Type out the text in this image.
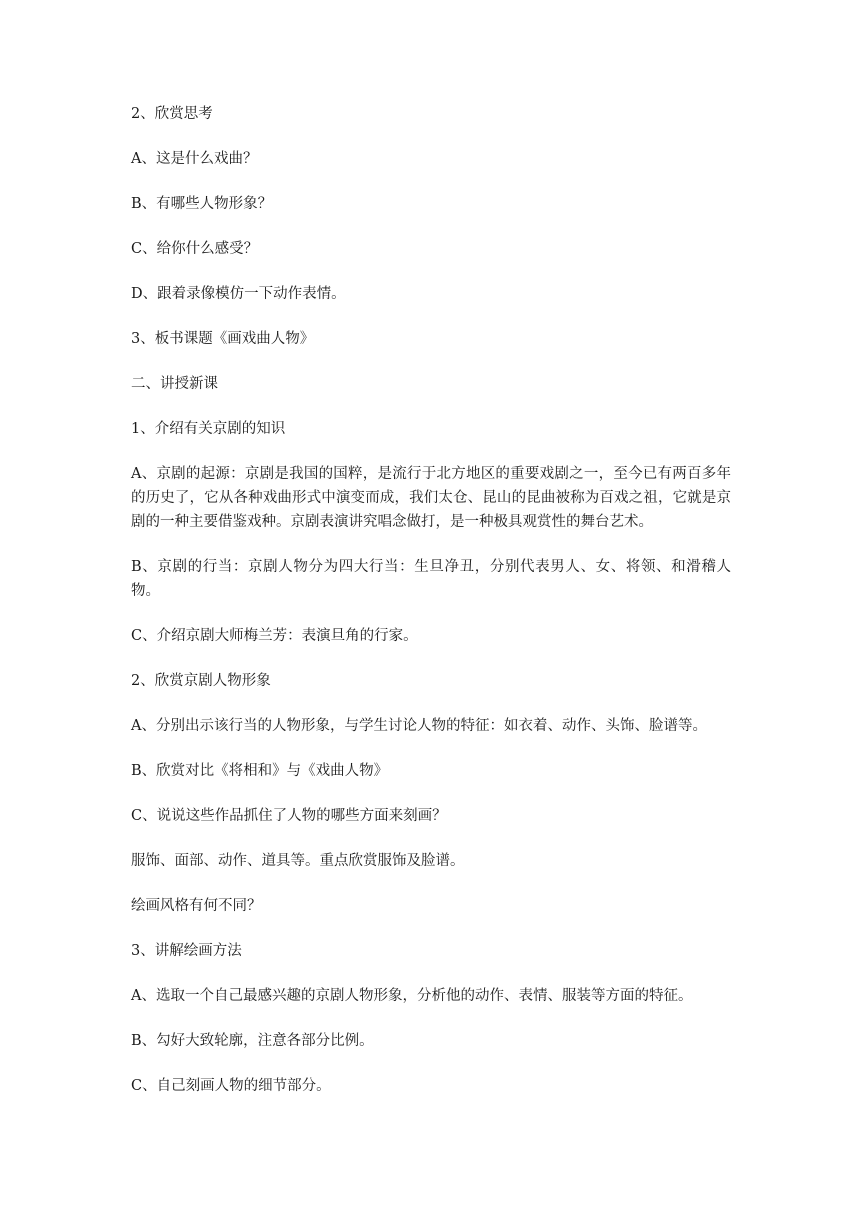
2、欣赏思考

A、这是什么戏曲？

B、有哪些人物形象？

C、给你什么感受？

D、跟着录像模仿一下动作表情。

3、板书课题《画戏曲人物》

二、讲授新课

1、介绍有关京剧的知识

A、京剧的起源：京剧是我国的国粹，是流行于北方地区的重要戏剧之一，至今已有两百多年的历史了，它从各种戏曲形式中演变而成，我们太仓、昆山的昆曲被称为百戏之祖，它就是京剧的一种主要借鉴戏种。京剧表演讲究唱念做打，是一种极具观赏性的舞台艺术。

B、京剧的行当：京剧人物分为四大行当：生旦净丑，分别代表男人、女、将领、和滑稽人物。

C、介绍京剧大师梅兰芳：表演旦角的行家。

2、欣赏京剧人物形象

A、分别出示该行当的人物形象，与学生讨论人物的特征：如衣着、动作、头饰、脸谱等。

B、欣赏对比《将相和》与《戏曲人物》

C、说说这些作品抓住了人物的哪些方面来刻画？

服饰、面部、动作、道具等。重点欣赏服饰及脸谱。

绘画风格有何不同？

3、讲解绘画方法

A、选取一个自己最感兴趣的京剧人物形象，分析他的动作、表情、服装等方面的特征。

B、勾好大致轮廓，注意各部分比例。

C、自己刻画人物的细节部分。
